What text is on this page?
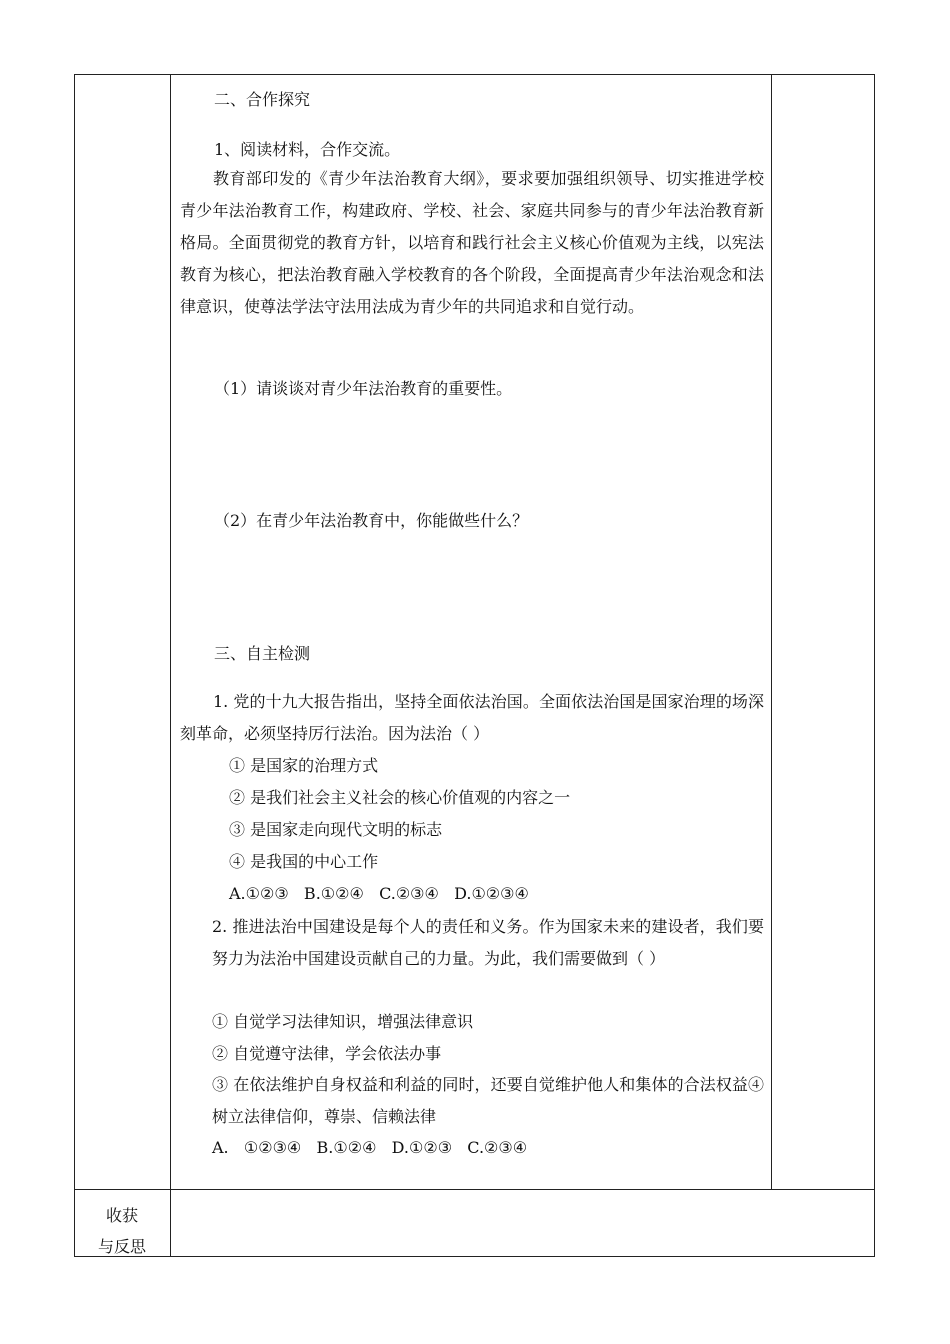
二、合作探究
1、阅读材料，合作交流。
教育部印发的《青少年法治教育大纲》，要求要加强组织领导、切实推进学校青少年法治教育工作，构建政府、学校、社会、家庭共同参与的青少年法治教育新格局。全面贯彻党的教育方针，以培育和践行社会主义核心价值观为主线，以宪法教育为核心，把法治教育融入学校教育的各个阶段，全面提高青少年法治观念和法律意识，使尊法学法守法用法成为青少年的共同追求和自觉行动。
（1）请谈谈对青少年法治教育的重要性。
（2）在青少年法治教育中，你能做些什么？
三、自主检测
1. 党的十九大报告指出，坚持全面依法治国。全面依法治国是国家治理的场深刻革命，必须坚持厉行法治。因为法治（ ）
① 是国家的治理方式
② 是我们社会主义社会的核心价值观的内容之一
③ 是国家走向现代文明的标志
④ 是我国的中心工作
A.①②③   B.①②④   C.②③④   D.①②③④
2. 推进法治中国建设是每个人的责任和义务。作为国家未来的建设者，我们要努力为法治中国建设贡献自己的力量。为此，我们需要做到（ ）
① 自觉学习法律知识，增强法律意识
② 自觉遵守法律，学会依法办事
③ 在依法维护自身权益和利益的同时，还要自觉维护他人和集体的合法权益④树立法律信仰，尊崇、信赖法律
A.   ①②③④   B.①②④   D.①②③   C.②③④
收获
与反思
